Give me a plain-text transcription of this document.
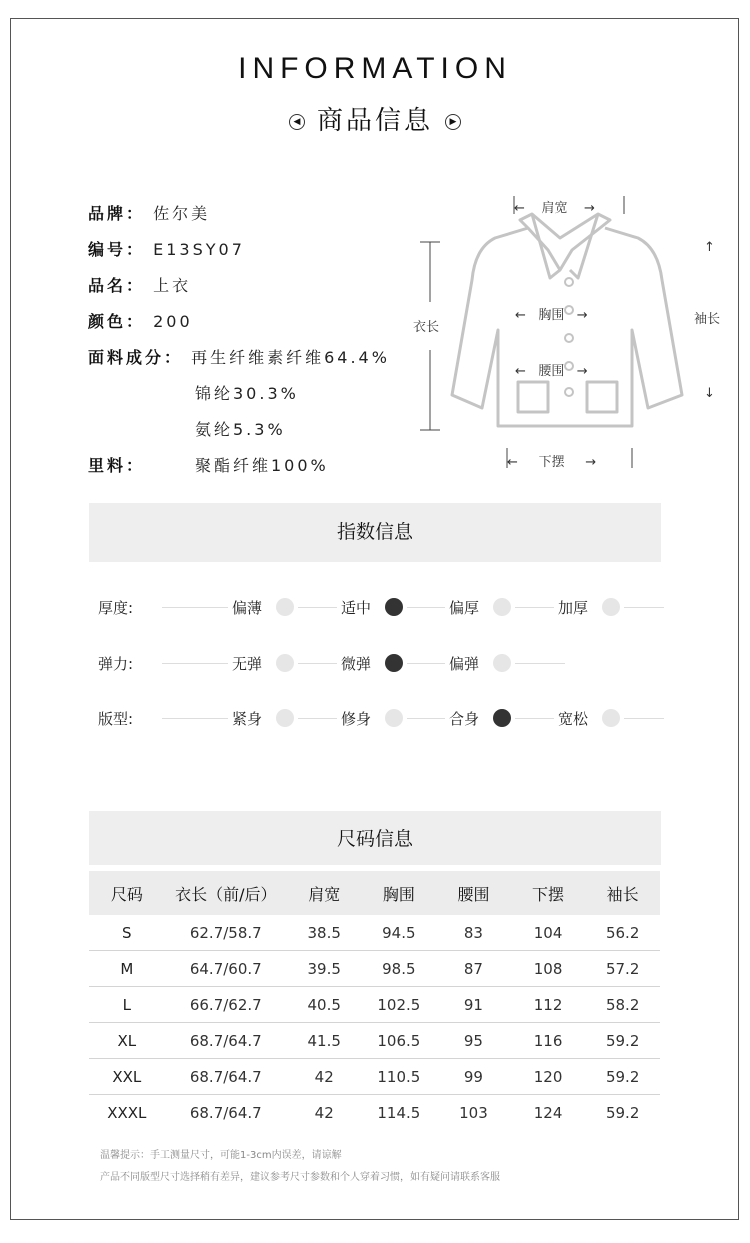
INFORMATION
◀ 商品信息 ▶
品牌： 佐尔美
编号： E13SY07
品名： 上衣
颜色： 200
面料成分： 再生纤维素纤维64.4%
锦纶30.3%
氨纶5.3%
里料：	聚酯纤维100%
← 肩宽 →
衣长
← 胸围 →
← 腰围 →
← 下摆 →
↑
袖长
↓
指数信息
厚度:	偏薄	适中	偏厚	加厚
弹力:	无弹	微弹	偏弹
版型:	紧身	修身	合身	宽松
尺码信息
尺码	衣长（前/后）	肩宽	胸围	腰围	下摆	袖长
S	62.7/58.7	38.5	94.5	83	104	56.2
M	64.7/60.7	39.5	98.5	87	108	57.2
L	66.7/62.7	40.5	102.5	91	112	58.2
XL	68.7/64.7	41.5	106.5	95	116	59.2
XXL	68.7/64.7	42	110.5	99	120	59.2
XXXL	68.7/64.7	42	114.5	103	124	59.2
温馨提示：手工测量尺寸，可能1-3cm内误差，请谅解
产品不同版型尺寸选择稍有差异，建议参考尺寸参数和个人穿着习惯，如有疑问请联系客服
